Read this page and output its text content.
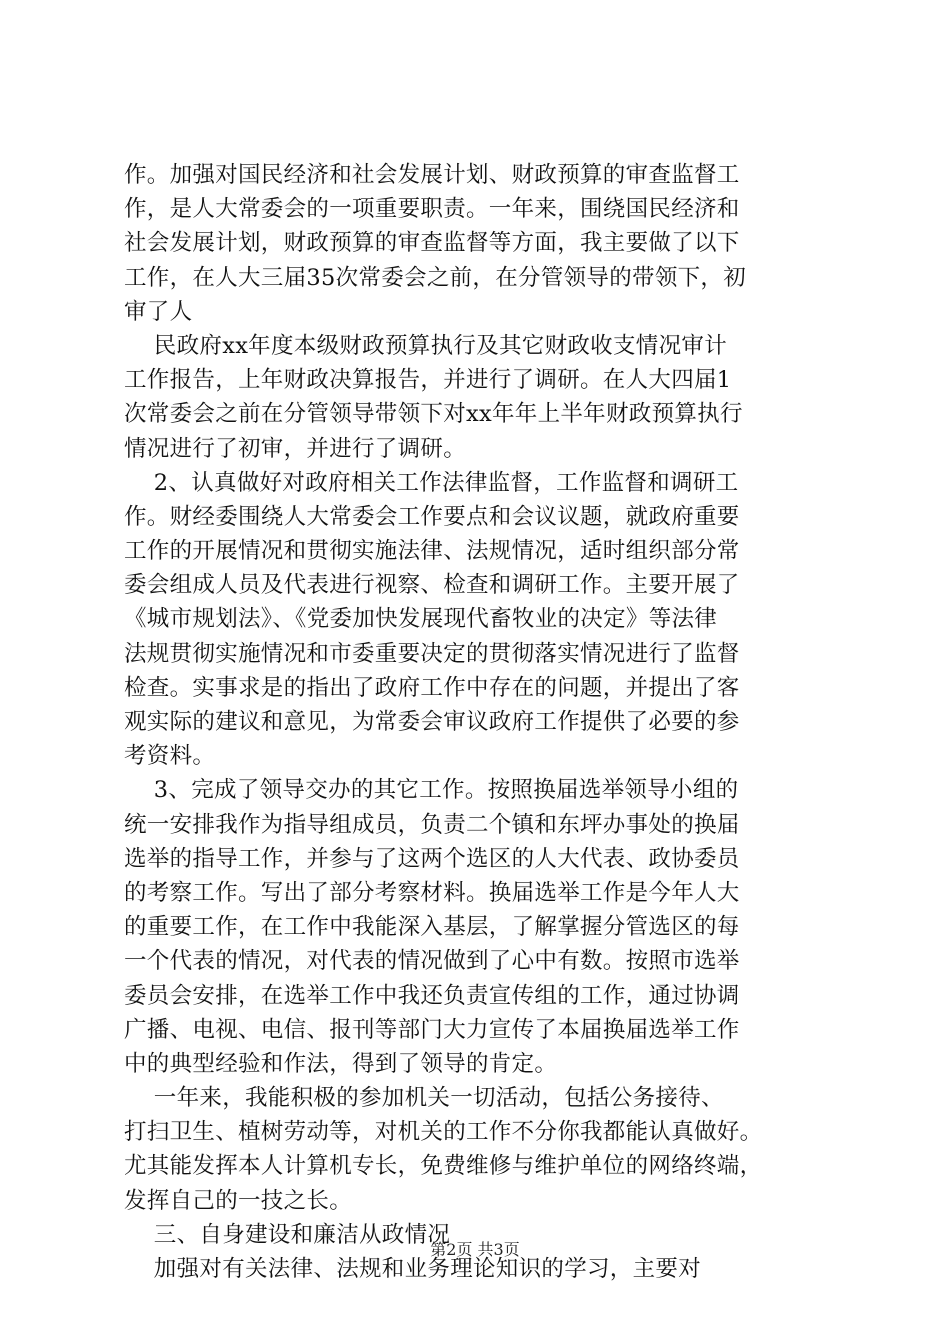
作。加强对国民经济和社会发展计划、财政预算的审查监督工
作，是人大常委会的一项重要职责。一年来，围绕国民经济和
社会发展计划，财政预算的审查监督等方面，我主要做了以下
工作，在人大三届35次常委会之前，在分管领导的带领下，初
审了人
民政府xx年度本级财政预算执行及其它财政收支情况审计
工作报告，上年财政决算报告，并进行了调研。在人大四届1
次常委会之前在分管领导带领下对xx年年上半年财政预算执行
情况进行了初审，并进行了调研。
2、认真做好对政府相关工作法律监督，工作监督和调研工
作。财经委围绕人大常委会工作要点和会议议题，就政府重要
工作的开展情况和贯彻实施法律、法规情况，适时组织部分常
委会组成人员及代表进行视察、检查和调研工作。主要开展了
《城市规划法》、《党委加快发展现代畜牧业的决定》等法律
法规贯彻实施情况和市委重要决定的贯彻落实情况进行了监督
检查。实事求是的指出了政府工作中存在的问题，并提出了客
观实际的建议和意见，为常委会审议政府工作提供了必要的参
考资料。
3、完成了领导交办的其它工作。按照换届选举领导小组的
统一安排我作为指导组成员，负责二个镇和东坪办事处的换届
选举的指导工作，并参与了这两个选区的人大代表、政协委员
的考察工作。写出了部分考察材料。换届选举工作是今年人大
的重要工作，在工作中我能深入基层，了解掌握分管选区的每
一个代表的情况，对代表的情况做到了心中有数。按照市选举
委员会安排，在选举工作中我还负责宣传组的工作，通过协调
广播、电视、电信、报刊等部门大力宣传了本届换届选举工作
中的典型经验和作法，得到了领导的肯定。
一年来，我能积极的参加机关一切活动，包括公务接待、
打扫卫生、植树劳动等，对机关的工作不分你我都能认真做好。
尤其能发挥本人计算机专长，免费维修与维护单位的网络终端，
发挥自己的一技之长。
三、自身建设和廉洁从政情况
加强对有关法律、法规和业务理论知识的学习，主要对
第2页 共3页
